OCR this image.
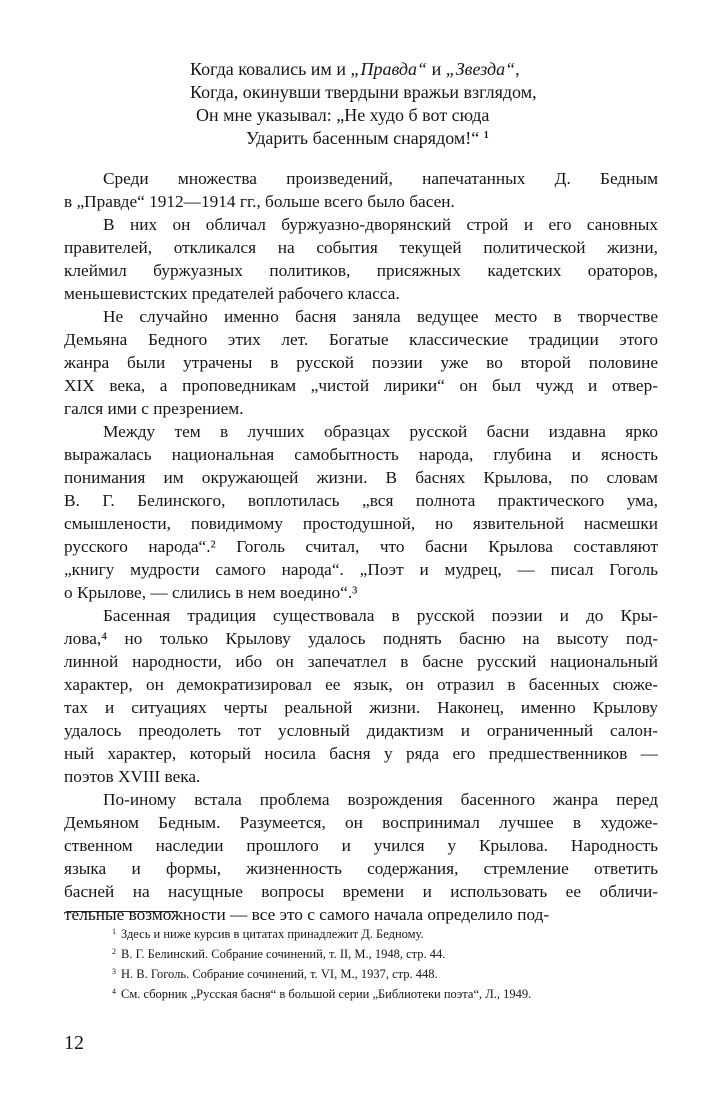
Когда ковались им и „Правда“ и „Звезда“,
Когда, окинувши твердыни вражьи взглядом,
Он мне указывал: „Не худо б вот сюда
Ударить басенным снарядом!“ $^1$
Среди множества произведений, напечатанных Д. Бедным
в „Правде“ 1912—1914 гг., больше всего было басен.
В них он обличал буржуазно-дворянский строй и его сановных
правителей, откликался на события текущей политической жизни,
клеймил буржуазных политиков, присяжных кадетских ораторов,
меньшевистских предателей рабочего класса.
Не случайно именно басня заняла ведущее место в творчестве
Демьяна Бедного этих лет. Богатые классические традиции этого
жанра были утрачены в русской поэзии уже во второй половине
XIX века, а проповедникам „чистой лирики“ он был чужд и отвер-
гался ими с презрением.
Между тем в лучших образцах русской басни издавна ярко
выражалась национальная самобытность народа, глубина и ясность
понимания им окружающей жизни. В баснях Крылова, по словам
В. Г. Белинского, воплотилась „вся полнота практического ума,
смышлености, повидимому простодушной, но язвительной насмешки
русского народа“.² Гоголь считал, что басни Крылова составляют
„книгу мудрости самого народа“. „Поэт и мудрец, — писал Гоголь
о Крылове, — слились в нем воедино“.³
Басенная традиция существовала в русской поэзии и до Кры-
лова,⁴ но только Крылову удалось поднять басню на высоту под-
линной народности, ибо он запечатлел в басне русский национальный
характер, он демократизировал ее язык, он отразил в басенных сюже-
тах и ситуациях черты реальной жизни. Наконец, именно Крылову
удалось преодолеть тот условный дидактизм и ограниченный салон-
ный характер, который носила басня у ряда его предшественников —
поэтов XVIII века.
По-иному встала проблема возрождения басенного жанра перед
Демьяном Бедным. Разумеется, он воспринимал лучшее в художе-
ственном наследии прошлого и учился у Крылова. Народность
языка и формы, жизненность содержания, стремление ответить
басней на насущные вопросы времени и использовать ее обличи-
тельные возможности — все это с самого начала определило под-
$^1$ Здесь и ниже курсив в цитатах принадлежит Д. Бедному.
$^2$ В. Г. Белинский. Собрание сочинений, т. II, М., 1948, стр. 44.
$^3$ Н. В. Гоголь. Собрание сочинений, т. VI, М., 1937, стр. 448.
$^4$ См. сборник „Русская басня“ в большой серии „Библиотеки поэта“, Л., 1949.
12
